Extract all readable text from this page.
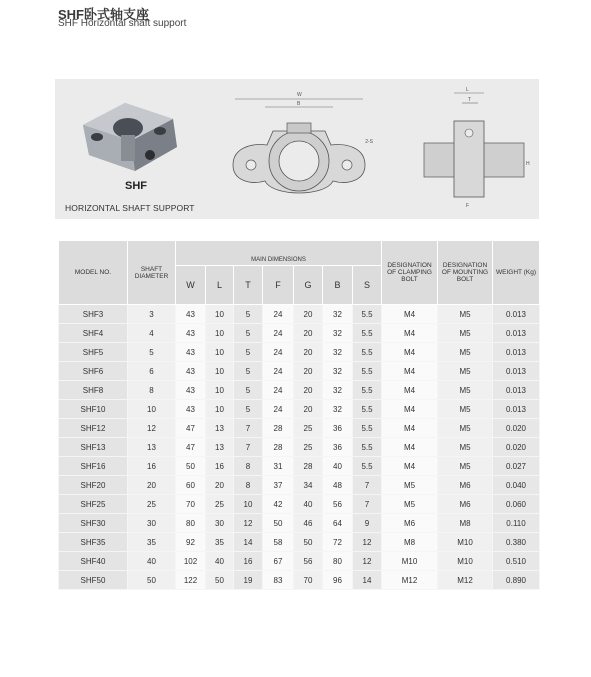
SHF卧式轴支座
SHF Horizontal shaft support
SHF
HORIZONTAL SHAFT SUPPORT
W
B
2-S
L
T
H
F
MODEL NO.	SHAFT DIAMETER	MAIN DIMENSIONS							DESIGNATION OF CLAMPING BOLT	DESIGNATION OF MOUNTING BOLT	WEIGHT (Kg)
		W	L	T	F	G	B	S			
SHF3	3	43	10	5	24	20	32	5.5	M4	M5	0.013
SHF4	4	43	10	5	24	20	32	5.5	M4	M5	0.013
SHF5	5	43	10	5	24	20	32	5.5	M4	M5	0.013
SHF6	6	43	10	5	24	20	32	5.5	M4	M5	0.013
SHF8	8	43	10	5	24	20	32	5.5	M4	M5	0.013
SHF10	10	43	10	5	24	20	32	5.5	M4	M5	0.013
SHF12	12	47	13	7	28	25	36	5.5	M4	M5	0.020
SHF13	13	47	13	7	28	25	36	5.5	M4	M5	0.020
SHF16	16	50	16	8	31	28	40	5.5	M4	M5	0.027
SHF20	20	60	20	8	37	34	48	7	M5	M6	0.040
SHF25	25	70	25	10	42	40	56	7	M5	M6	0.060
SHF30	30	80	30	12	50	46	64	9	M6	M8	0.110
SHF35	35	92	35	14	58	50	72	12	M8	M10	0.380
SHF40	40	102	40	16	67	56	80	12	M10	M10	0.510
SHF50	50	122	50	19	83	70	96	14	M12	M12	0.890
